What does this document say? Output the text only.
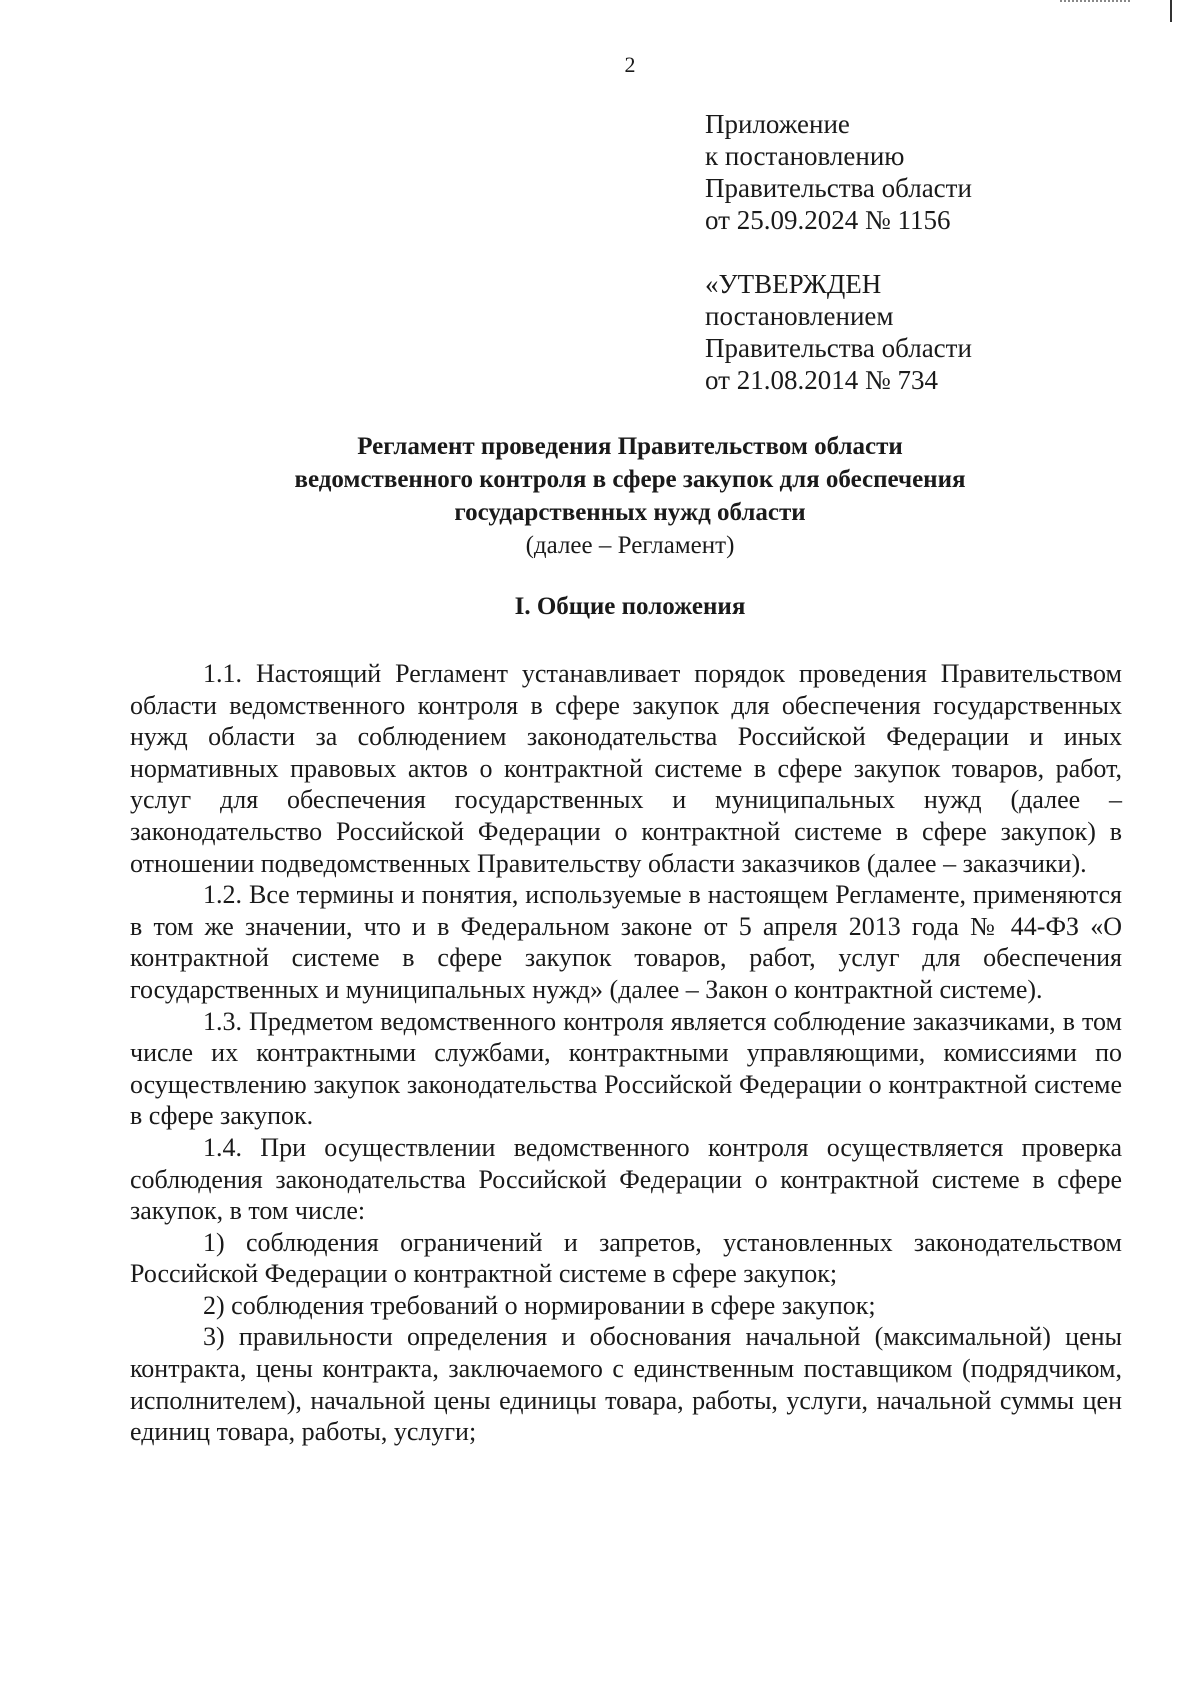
2
Приложение
к постановлению
Правительства области
от 25.09.2024 № 1156
«УТВЕРЖДЕН
постановлением
Правительства области
от 21.08.2014 № 734
Регламент проведения Правительством области
ведомственного контроля в сфере закупок для обеспечения
государственных нужд области
(далее – Регламент)
I. Общие положения

1.1. Настоящий Регламент устанавливает порядок проведения Правительством области ведомственного контроля в сфере закупок для обеспечения государственных нужд области за соблюдением законодательства Российской Федерации и иных нормативных правовых актов о контрактной системе в сфере закупок товаров, работ, услуг для обеспечения государственных и муниципальных нужд (далее – законодательство Российской Федерации о контрактной системе в сфере закупок) в отношении подведомственных Правительству области заказчиков (далее – заказчики).

1.2. Все термины и понятия, используемые в настоящем Регламенте, применяются в том же значении, что и в Федеральном законе от 5 апреля 2013 года № 44-ФЗ «О контрактной системе в сфере закупок товаров, работ, услуг для обеспечения государственных и муниципальных нужд» (далее – Закон о контрактной системе).

1.3. Предметом ведомственного контроля является соблюдение заказчиками, в том числе их контрактными службами, контрактными управляющими, комиссиями по осуществлению закупок законодательства Российской Федерации о контрактной системе в сфере закупок.

1.4. При осуществлении ведомственного контроля осуществляется проверка соблюдения законодательства Российской Федерации о контрактной системе в сфере закупок, в том числе:

1) соблюдения ограничений и запретов, установленных законодательством Российской Федерации о контрактной системе в сфере закупок;

2) соблюдения требований о нормировании в сфере закупок;

3) правильности определения и обоснования начальной (максимальной) цены контракта, цены контракта, заключаемого с единственным поставщиком (подрядчиком, исполнителем), начальной цены единицы товара, работы, услуги, начальной суммы цен единиц товара, работы, услуги;
